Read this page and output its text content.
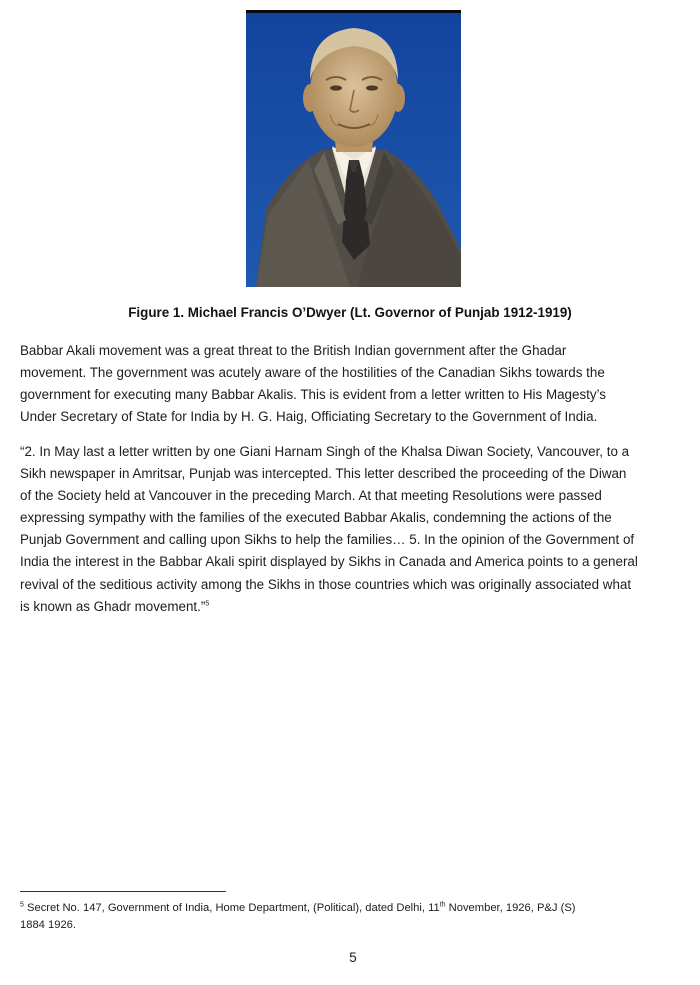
Figure 1. Michael Francis O’Dwyer (Lt. Governor of Punjab 1912-1919)

Babbar Akali movement was a great threat to the British Indian government after the Ghadar
movement. The government was acutely aware of the hostilities of the Canadian Sikhs towards the
government for executing many Babbar Akalis. This is evident from a letter written to His Magesty’s
Under Secretary of State for India by H. G. Haig, Officiating Secretary to the Government of India.

“2. In May last a letter written by one Giani Harnam Singh of the Khalsa Diwan Society, Vancouver, to a
Sikh newspaper in Amritsar, Punjab was intercepted. This letter described the proceeding of the Diwan
of the Society held at Vancouver in the preceding March. At that meeting Resolutions were passed
expressing sympathy with the families of the executed Babbar Akalis, condemning the actions of the
Punjab Government and calling upon Sikhs to help the families… 5. In the opinion of the Government of
India the interest in the Babbar Akali spirit displayed by Sikhs in Canada and America points to a general
revival of the seditious activity among the Sikhs in those countries which was originally associated what
is known as Ghadr movement.”$^5$

$^5$ Secret No. 147, Government of India, Home Department, (Political), dated Delhi, 11th November, 1926, P&J (S)
1884 1926.
5
